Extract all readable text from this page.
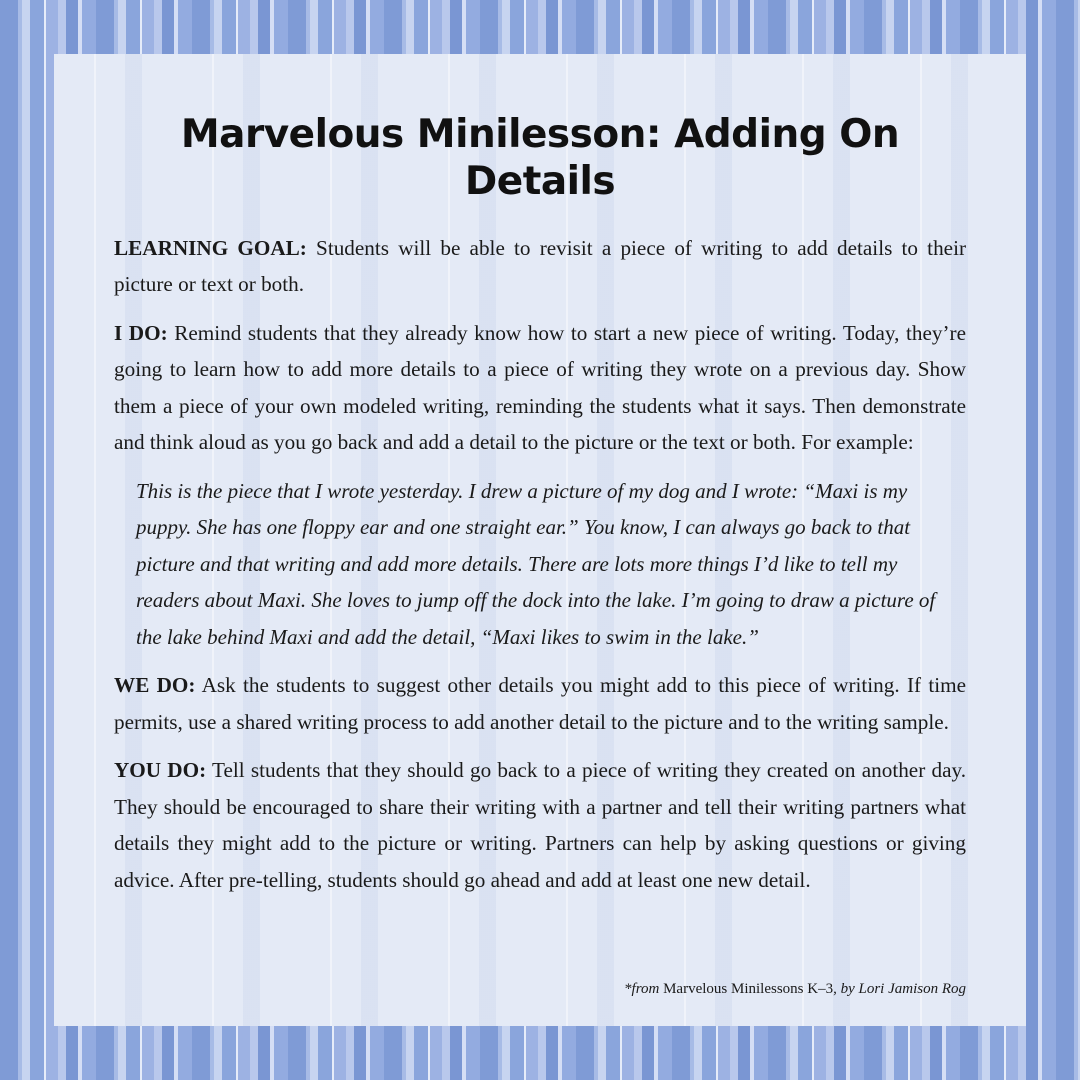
Marvelous Minilesson: Adding On Details

LEARNING GOAL: Students will be able to revisit a piece of writing to add details to their picture or text or both.

I DO: Remind students that they already know how to start a new piece of writing. Today, they’re going to learn how to add more details to a piece of writing they wrote on a previous day. Show them a piece of your own modeled writing, reminding the students what it says. Then demonstrate and think aloud as you go back and add a detail to the picture or the text or both. For example:

This is the piece that I wrote yesterday. I drew a picture of my dog and I wrote: “Maxi is my puppy. She has one floppy ear and one straight ear.” You know, I can always go back to that picture and that writing and add more details. There are lots more things I’d like to tell my readers about Maxi. She loves to jump off the dock into the lake. I’m going to draw a picture of the lake behind Maxi and add the detail, “Maxi likes to swim in the lake.”

WE DO: Ask the students to suggest other details you might add to this piece of writing. If time permits, use a shared writing process to add another detail to the picture and to the writing sample.

YOU DO: Tell students that they should go back to a piece of writing they created on another day. They should be encouraged to share their writing with a partner and tell their writing partners what details they might add to the picture or writing. Partners can help by asking questions or giving advice. After pre-telling, students should go ahead and add at least one new detail.

*from Marvelous Minilessons K–3, by Lori Jamison Rog
